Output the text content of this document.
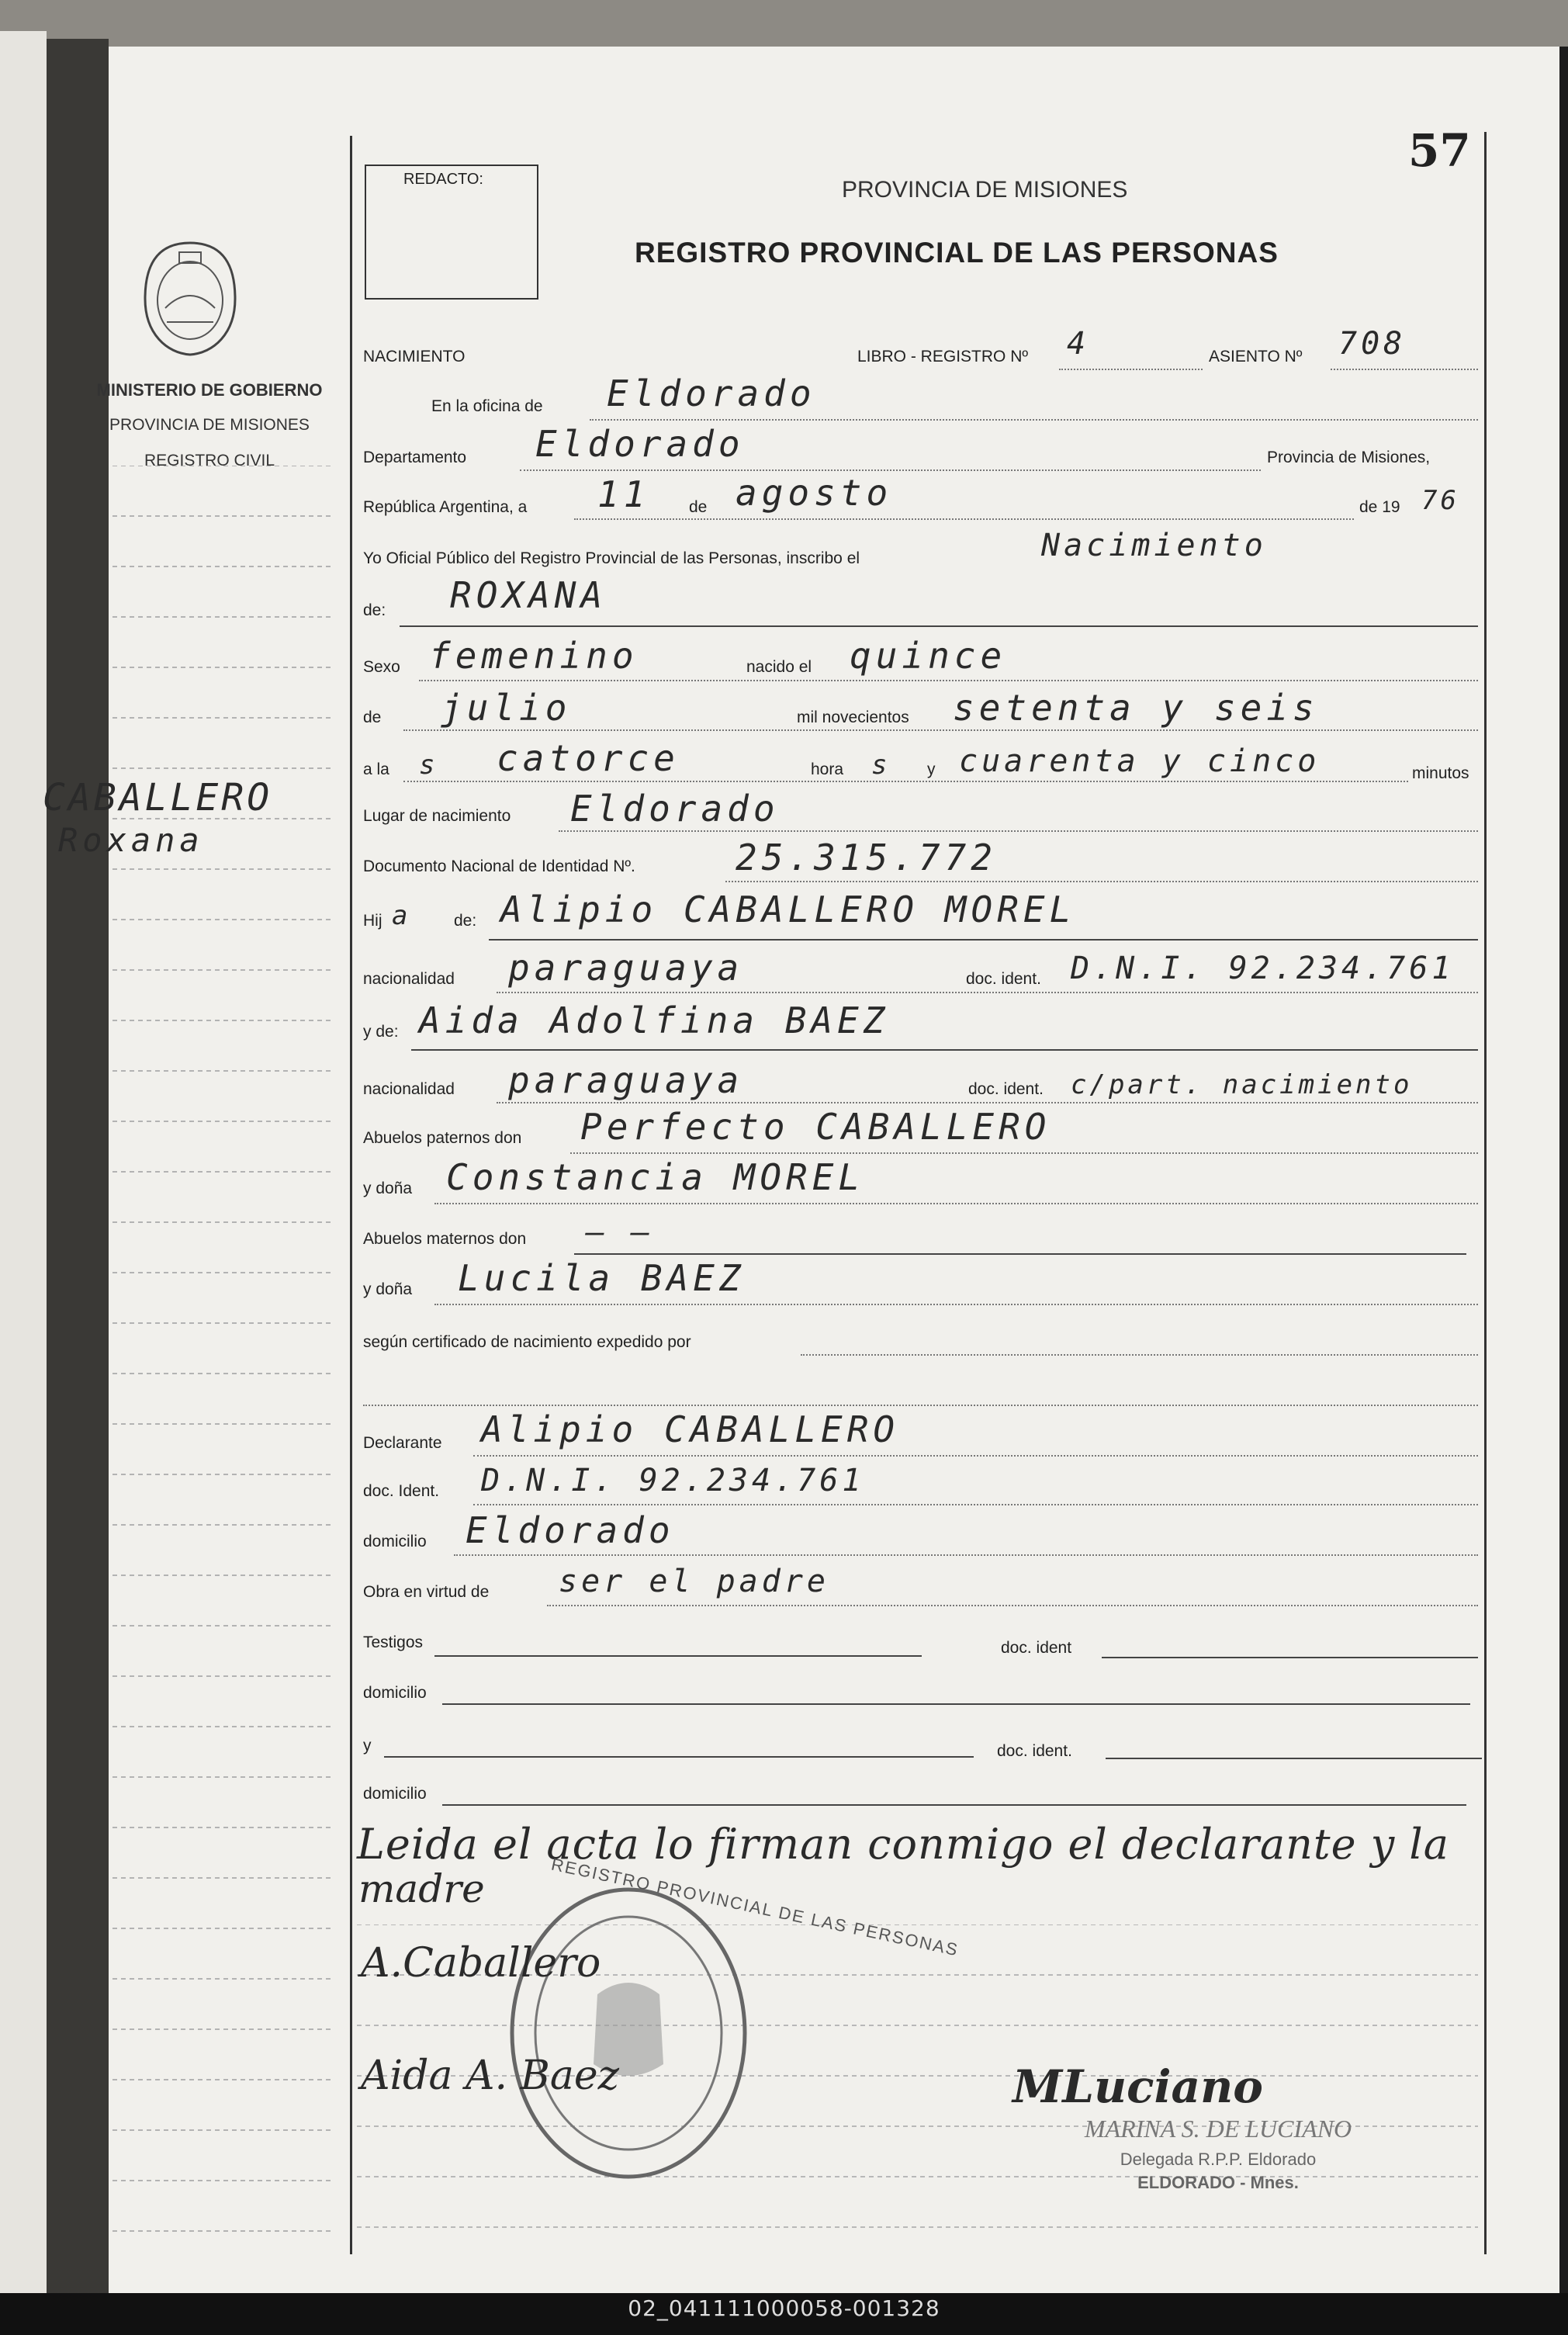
MINISTERIO DE GOBIERNO
PROVINCIA DE MISIONES
REGISTRO CIVIL
CABALLERO
Roxana
57
REDACTO:	PROVINCIA DE MISIONES
REGISTRO PROVINCIAL DE LAS PERSONAS
NACIMIENTO	LIBRO - REGISTRO Nº 4	ASIENTO Nº 708
En la oficina de Eldorado
Departamento Eldorado	Provincia de Misiones,
República Argentina, a 11 de agosto	de 19 76
Yo Oficial Público del Registro Provincial de las Personas, inscribo el	Nacimiento
de: ROXANA
Sexo femenino	nacido el quince
de julio	mil novecientos setenta y seis
a la s catorce	hora s y cuarenta y cinco	minutos
Lugar de nacimiento Eldorado
Documento Nacional de Identidad Nº.	25.315.772
Hij a	de: Alipio CABALLERO MOREL
nacionalidad paraguaya	doc. ident. D.N.I. 92.234.761
y de: Aida Adolfina BAEZ
nacionalidad paraguaya	doc. ident. c/part. nacimiento
Abuelos paternos don Perfecto CABALLERO
y doña Constancia MOREL
Abuelos maternos don — —
y doña Lucila BAEZ
según certificado de nacimiento expedido por
Declarante Alipio CABALLERO
doc. Ident. D.N.I. 92.234.761
domicilio Eldorado
Obra en virtud de ser el padre
Testigos	doc. ident
domicilio
y	doc. ident.
domicilio
Leida el acta lo firman conmigo el declarante y la
madre	REGISTRO PROVINCIAL DE LAS PERSONAS
A.Caballero
Aida A. Baez	MLuciano
MARINA S. DE LUCIANO
Delegada R.P.P. Eldorado
ELDORADO - Mnes.
02_041111000058-001328
